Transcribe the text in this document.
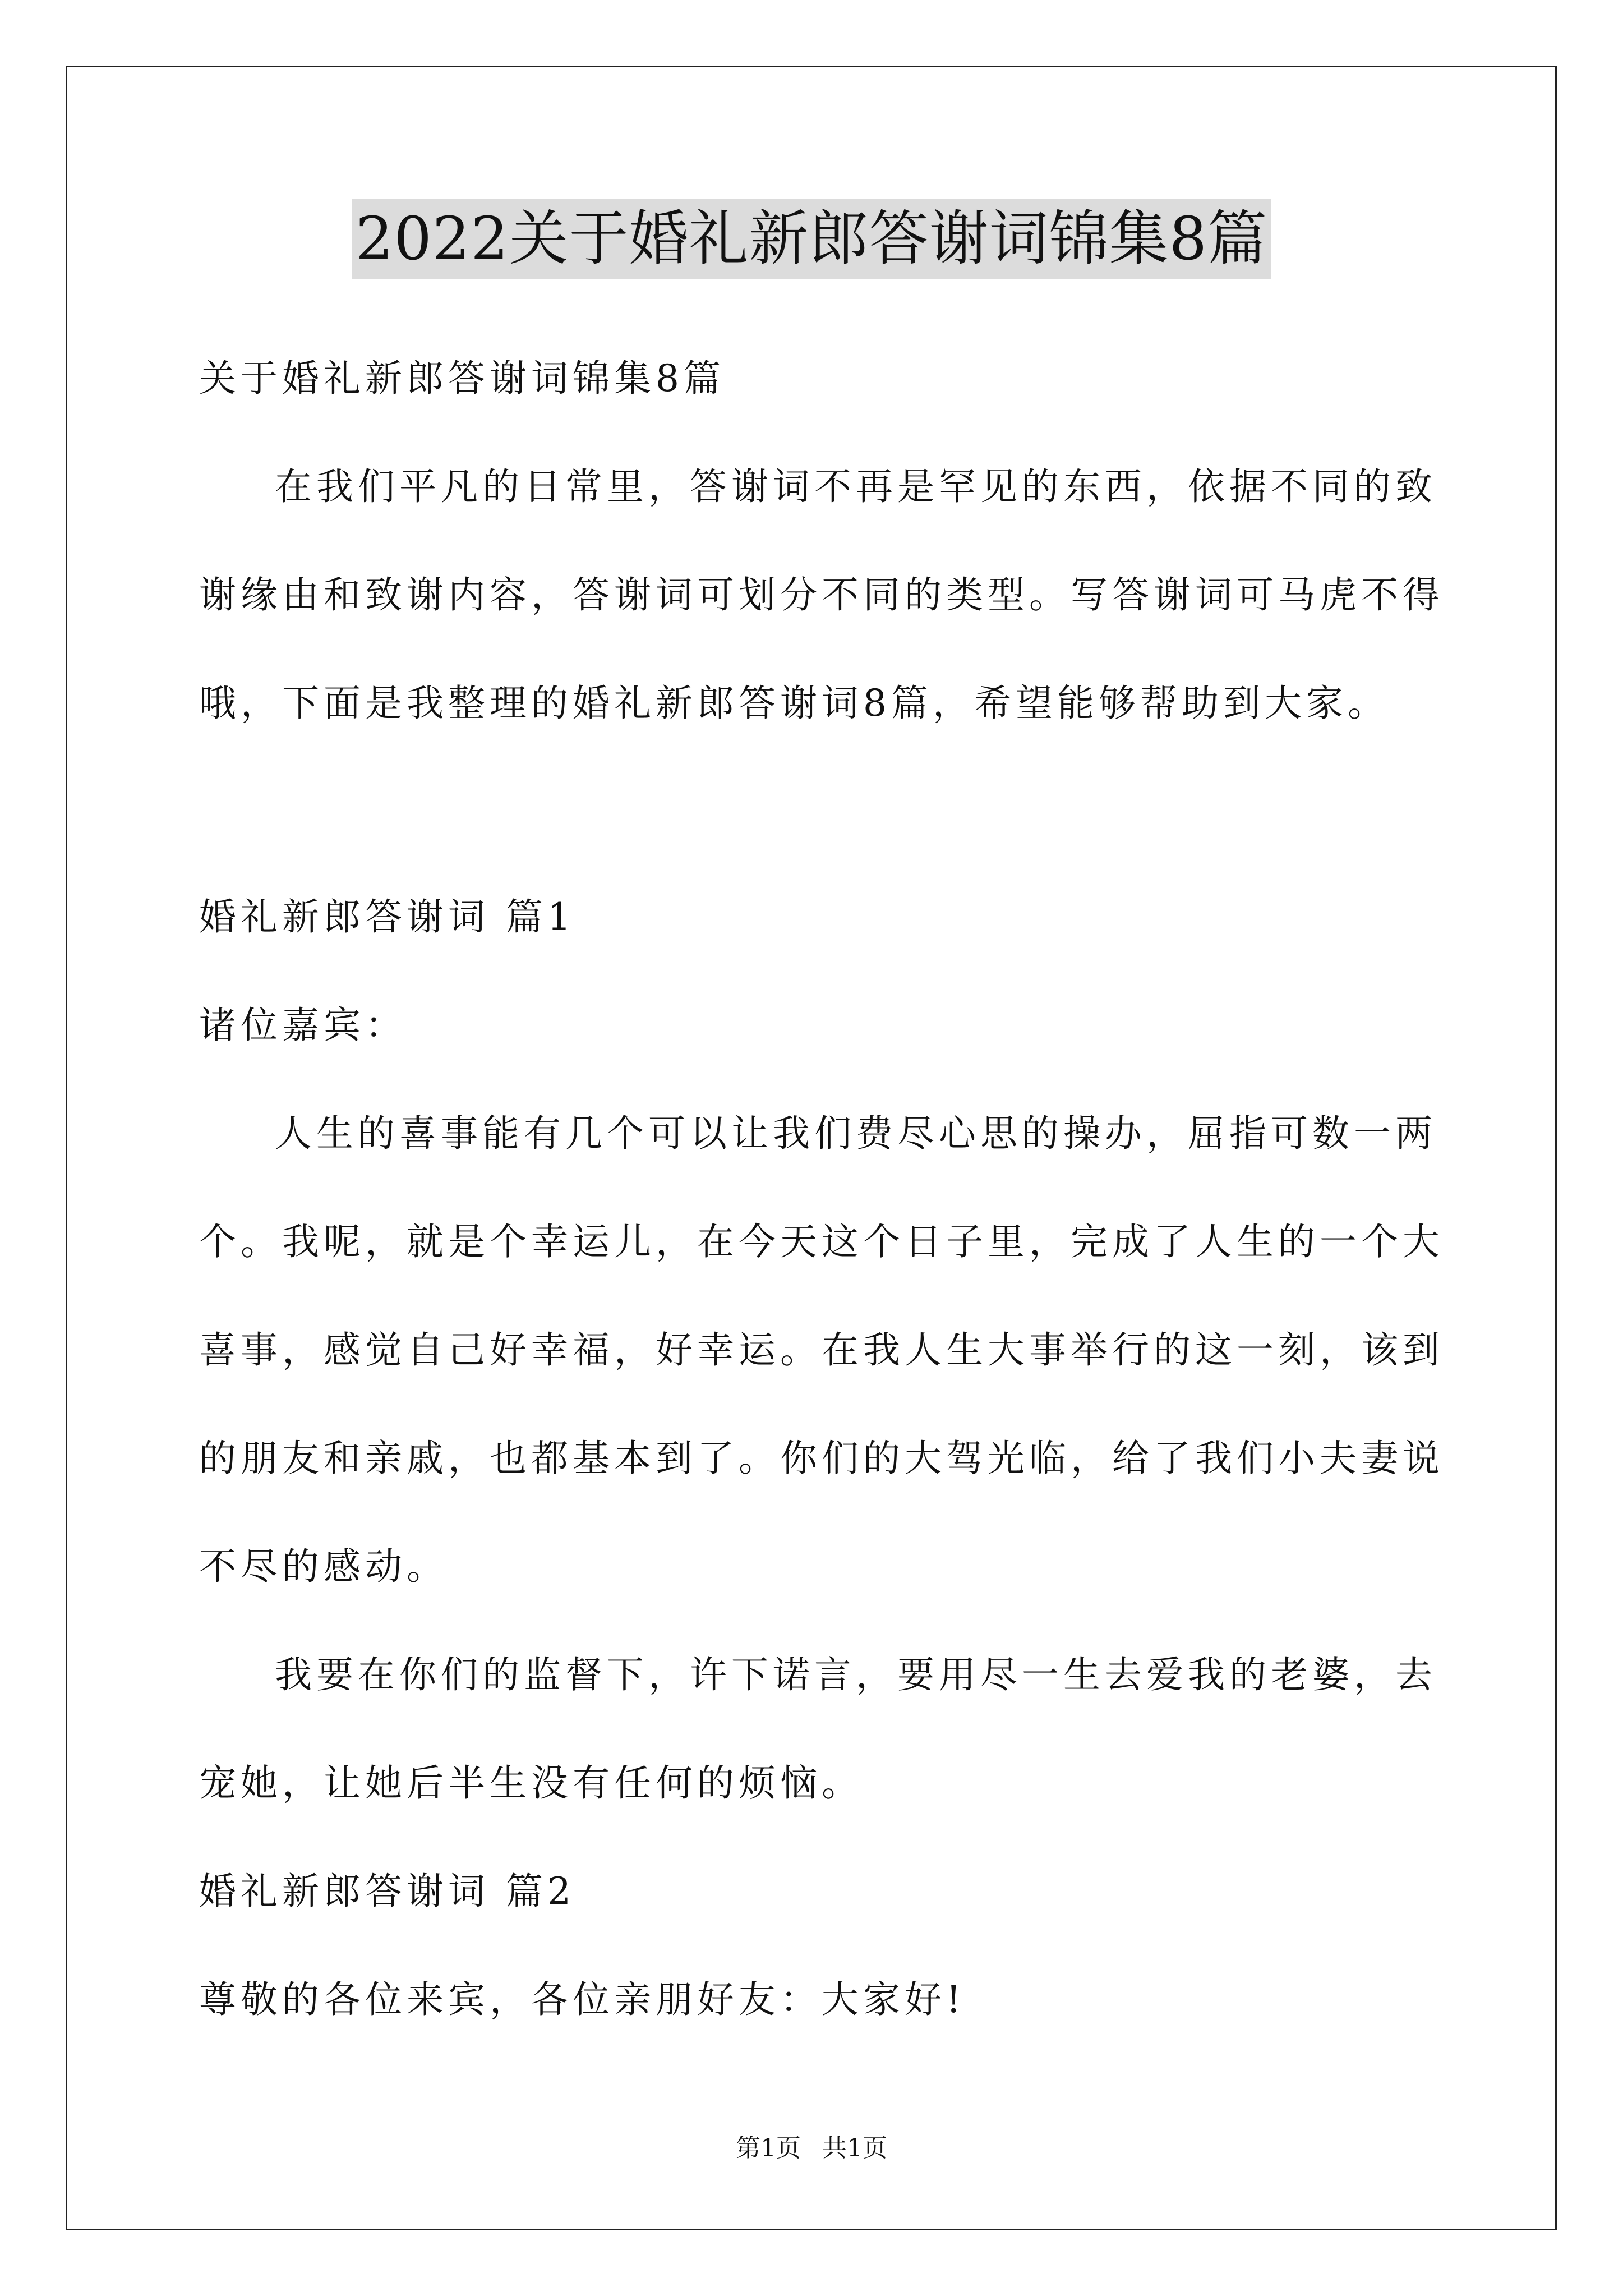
2022关于婚礼新郎答谢词锦集8篇
关于婚礼新郎答谢词锦集8篇
在我们平凡的日常里，答谢词不再是罕见的东西，依据不同的致
谢缘由和致谢内容，答谢词可划分不同的类型。写答谢词可马虎不得
哦，下面是我整理的婚礼新郎答谢词8篇，希望能够帮助到大家。
婚礼新郎答谢词 篇1
诸位嘉宾：
人生的喜事能有几个可以让我们费尽心思的操办，屈指可数一两
个。我呢，就是个幸运儿，在今天这个日子里，完成了人生的一个大
喜事，感觉自己好幸福，好幸运。在我人生大事举行的这一刻，该到
的朋友和亲戚，也都基本到了。你们的大驾光临，给了我们小夫妻说
不尽的感动。
我要在你们的监督下，许下诺言，要用尽一生去爱我的老婆，去
宠她，让她后半生没有任何的烦恼。
婚礼新郎答谢词 篇2
尊敬的各位来宾，各位亲朋好友：大家好!
第1页 共1页
